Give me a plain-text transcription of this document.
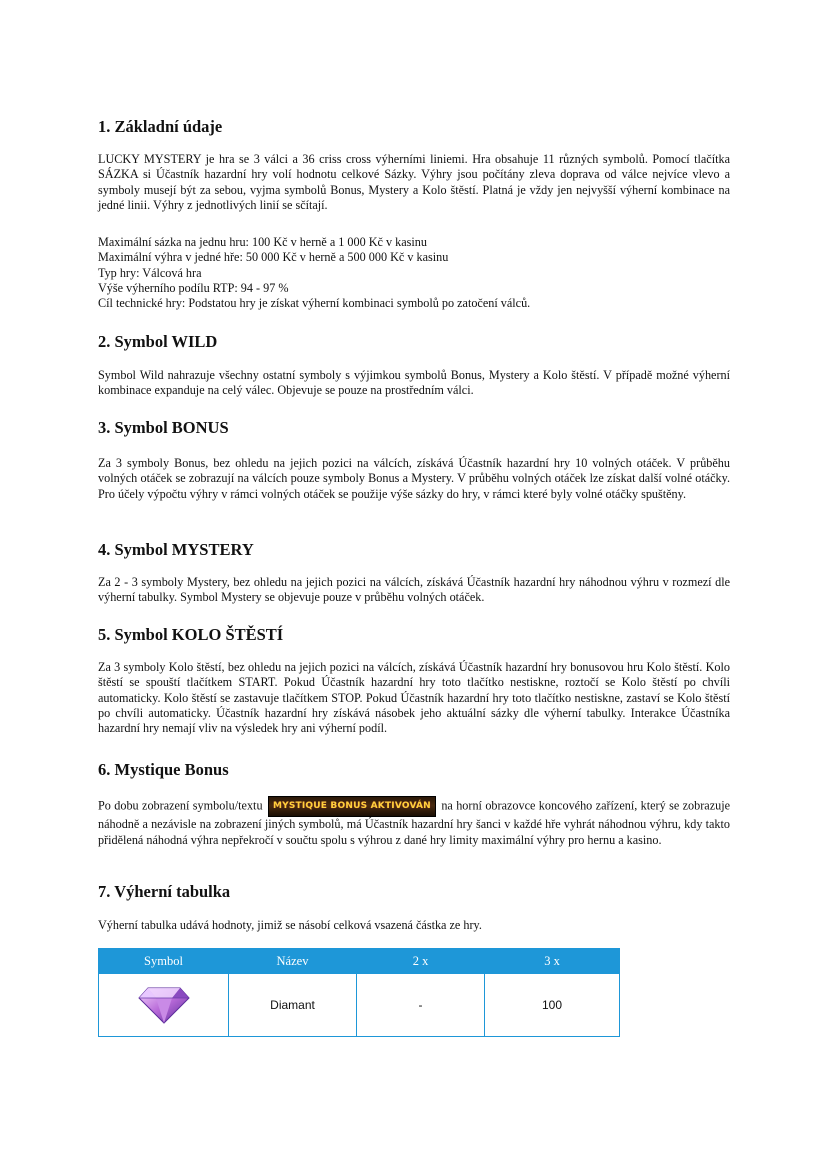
1. Základní údaje

LUCKY MYSTERY je hra se 3 válci a 36 criss cross výherními liniemi. Hra obsahuje 11 různých symbolů. Pomocí tlačítka SÁZKA si Účastník hazardní hry volí hodnotu celkové Sázky. Výhry jsou počítány zleva doprava od válce nejvíce vlevo a symboly musejí být za sebou, vyjma symbolů Bonus, Mystery a Kolo štěstí. Platná je vždy jen nejvyšší výherní kombinace na jedné linii. Výhry z jednotlivých linií se sčítají.

Maximální sázka na jednu hru: 100 Kč v herně a 1 000 Kč v kasinu
Maximální výhra v jedné hře: 50 000 Kč v herně a 500 000 Kč v kasinu
Typ hry: Válcová hra
Výše výherního podílu RTP: 94 - 97 %
Cíl technické hry: Podstatou hry je získat výherní kombinaci symbolů po zatočení válců.
2. Symbol WILD

Symbol Wild nahrazuje všechny ostatní symboly s výjimkou symbolů Bonus, Mystery a Kolo štěstí. V případě možné výherní kombinace expanduje na celý válec. Objevuje se pouze na prostředním válci.

3. Symbol BONUS

Za 3 symboly Bonus, bez ohledu na jejich pozici na válcích, získává Účastník hazardní hry 10 volných otáček. V průběhu volných otáček se zobrazují na válcích pouze symboly Bonus a Mystery. V průběhu volných otáček lze získat další volné otáčky. Pro účely výpočtu výhry v rámci volných otáček se použije výše sázky do hry, v rámci které byly volné otáčky spuštěny.

4. Symbol MYSTERY

Za 2 - 3 symboly Mystery, bez ohledu na jejich pozici na válcích, získává Účastník hazardní hry náhodnou výhru v rozmezí dle výherní tabulky. Symbol Mystery se objevuje pouze v průběhu volných otáček.

5. Symbol KOLO ŠTĚSTÍ

Za 3 symboly Kolo štěstí, bez ohledu na jejich pozici na válcích, získává Účastník hazardní hry bonusovou hru Kolo štěstí. Kolo štěstí se spouští tlačítkem START. Pokud Účastník hazardní hry toto tlačítko nestiskne, roztočí se Kolo štěstí po chvíli automaticky. Kolo štěstí se zastavuje tlačítkem STOP. Pokud Účastník hazardní hry toto tlačítko nestiskne, zastaví se Kolo štěstí po chvíli automaticky. Účastník hazardní hry získává násobek jeho aktuální sázky dle výherní tabulky. Interakce Účastníka hazardní hry nemají vliv na výsledek hry ani výherní podíl.

6. Mystique Bonus

Po dobu zobrazení symbolu/textu MYSTIQUE BONUS AKTIVOVÁN na horní obrazovce koncového zařízení, který se zobrazuje náhodně a nezávisle na zobrazení jiných symbolů, má Účastník hazardní hry šanci v každé hře vyhrát náhodnou výhru, kdy takto přidělená náhodná výhra nepřekročí v součtu spolu s výhrou z dané hry limity maximální výhry pro hernu a kasino.

7. Výherní tabulka

Výherní tabulka udává hodnoty, jimiž se násobí celková vsazená částka ze hry.

Symbol	Název	2 x	3 x
	Diamant	-	100
